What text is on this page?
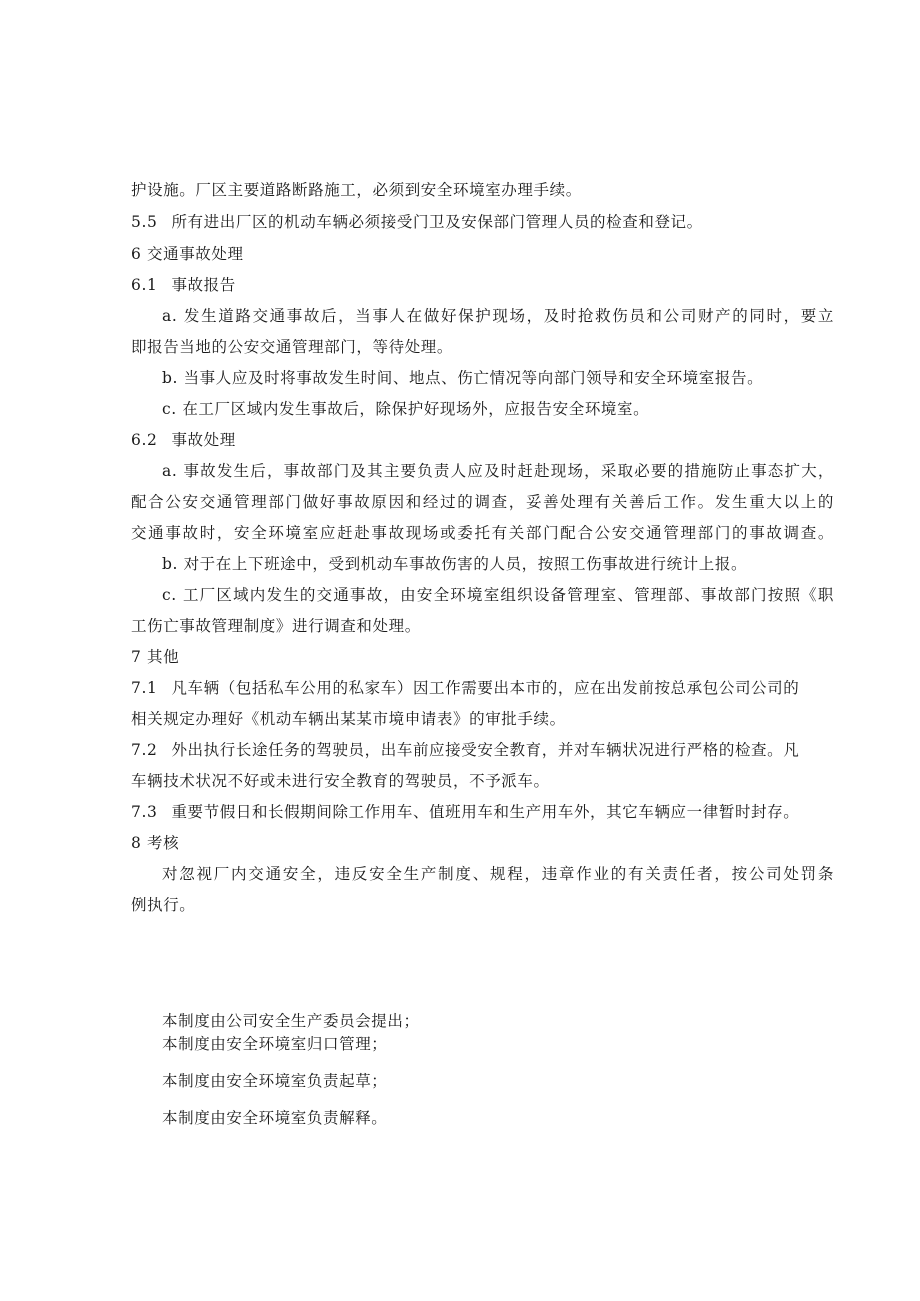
护设施。厂区主要道路断路施工，必须到安全环境室办理手续。
5.5 所有进出厂区的机动车辆必须接受门卫及安保部门管理人员的检查和登记。
6 交通事故处理
6.1 事故报告
a. 发生道路交通事故后，当事人在做好保护现场，及时抢救伤员和公司财产的同时，要立
即报告当地的公安交通管理部门，等待处理。
b. 当事人应及时将事故发生时间、地点、伤亡情况等向部门领导和安全环境室报告。
c. 在工厂区域内发生事故后，除保护好现场外，应报告安全环境室。
6.2 事故处理
a. 事故发生后，事故部门及其主要负责人应及时赶赴现场，采取必要的措施防止事态扩大，
配合公安交通管理部门做好事故原因和经过的调查，妥善处理有关善后工作。发生重大以上的
交通事故时，安全环境室应赶赴事故现场或委托有关部门配合公安交通管理部门的事故调查。
b. 对于在上下班途中，受到机动车事故伤害的人员，按照工伤事故进行统计上报。
c. 工厂区域内发生的交通事故，由安全环境室组织设备管理室、管理部、事故部门按照《职
工伤亡事故管理制度》进行调查和处理。
7 其他
7.1 凡车辆（包括私车公用的私家车）因工作需要出本市的，应在出发前按总承包公司公司的
相关规定办理好《机动车辆出某某市境申请表》的审批手续。
7.2 外出执行长途任务的驾驶员，出车前应接受安全教育，并对车辆状况进行严格的检查。凡
车辆技术状况不好或未进行安全教育的驾驶员，不予派车。
7.3 重要节假日和长假期间除工作用车、值班用车和生产用车外，其它车辆应一律暂时封存。
8 考核
对忽视厂内交通安全，违反安全生产制度、规程，违章作业的有关责任者，按公司处罚条
例执行。
本制度由公司安全生产委员会提出；
本制度由安全环境室归口管理；
本制度由安全环境室负责起草；
本制度由安全环境室负责解释。
